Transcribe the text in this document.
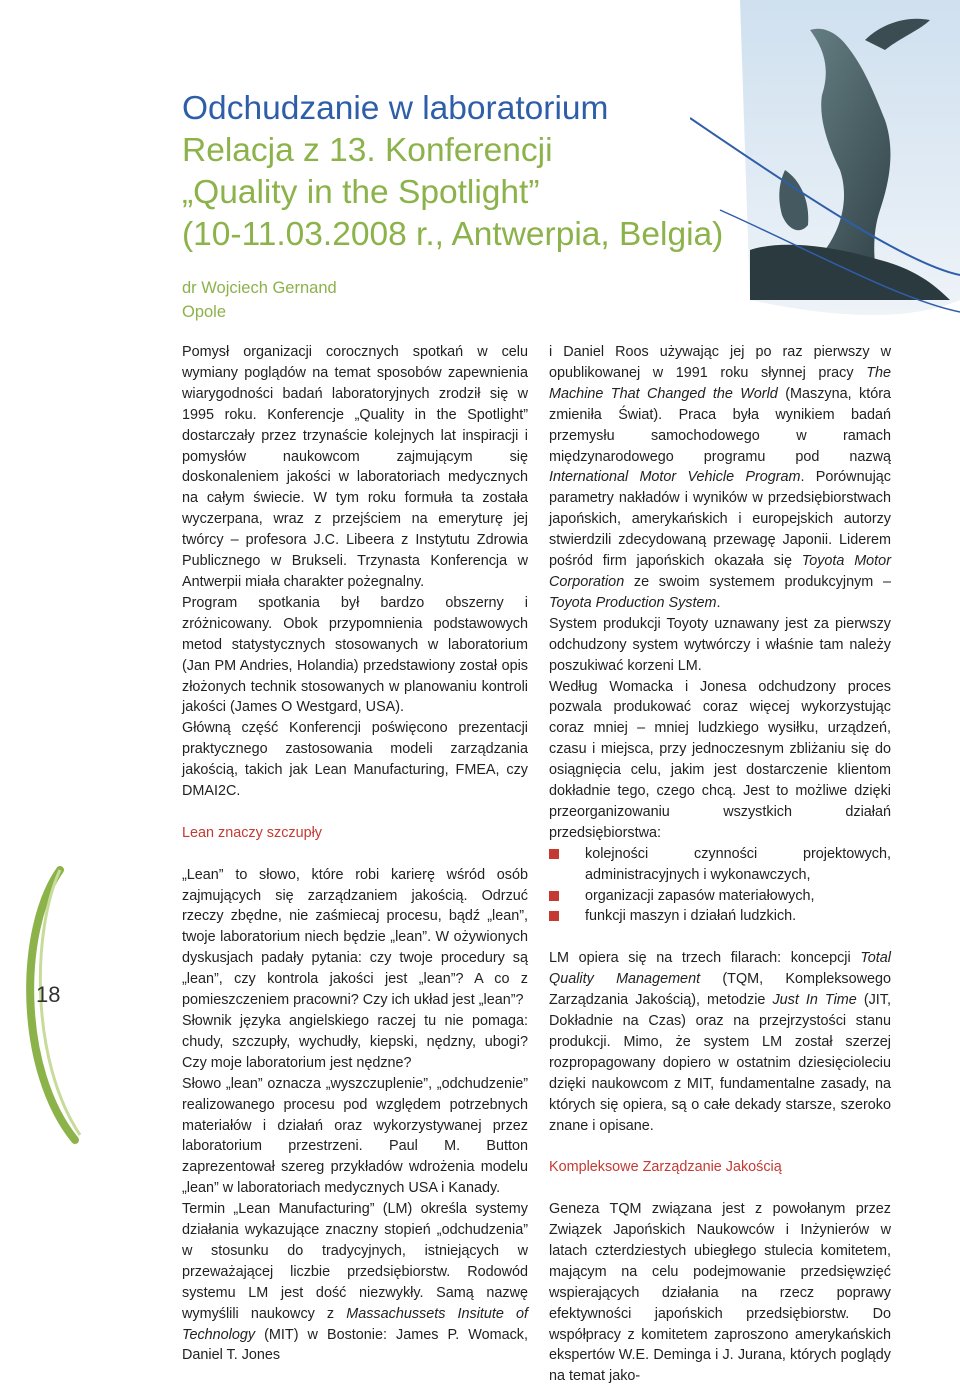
Odchudzanie w laboratorium
Relacja z 13. Konferencji
„Quality in the Spotlight”
(10-11.03.2008 r., Antwerpia, Belgia)
dr Wojciech Gernand
Opole

Pomysł organizacji corocznych spotkań w celu wymiany poglądów na temat sposobów zapewnienia wiarygodności badań laboratoryjnych zrodził się w 1995 roku. Konferencje „Quality in the Spotlight” dostarczały przez trzynaście kolejnych lat inspiracji i pomysłów naukowcom zajmującym się doskonaleniem jakości w laboratoriach medycznych na całym świecie. W tym roku formuła ta została wyczerpana, wraz z przejściem na emeryturę jej twórcy – profesora J.C. Libeera z Instytutu Zdrowia Publicznego w Brukseli. Trzynasta Konferencja w Antwerpii miała charakter pożegnalny.

Program spotkania był bardzo obszerny i zróżnicowany. Obok przypomnienia podstawowych metod statystycznych stosowanych w laboratorium (Jan PM Andries, Holandia) przedstawiony został opis złożonych technik stosowanych w planowaniu kontroli jakości (James O Westgard, USA).

Główną część Konferencji poświęcono prezentacji praktycznego zastosowania modeli zarządzania jakością, takich jak Lean Manufacturing, FMEA, czy DMAI2C.

Lean znaczy szczupły

„Lean” to słowo, które robi karierę wśród osób zajmujących się zarządzaniem jakością. Odrzuć rzeczy zbędne, nie zaśmiecaj procesu, bądź „lean”, twoje laboratorium niech będzie „lean”. W ożywionych dyskusjach padały pytania: czy twoje procedury są „lean”, czy kontrola jakości jest „lean”? A co z pomieszczeniem pracowni? Czy ich układ jest „lean”?

Słownik języka angielskiego raczej tu nie pomaga: chudy, szczupły, wychudły, kiepski, nędzny, ubogi? Czy moje laboratorium jest nędzne?

Słowo „lean” oznacza „wyszczuplenie”, „odchudzenie” realizowanego procesu pod względem potrzebnych materiałów i działań oraz wykorzystywanej przez laboratorium przestrzeni. Paul M. Button zaprezentował szereg przykładów wdrożenia modelu „lean” w laboratoriach medycznych USA i Kanady.

Termin „Lean Manufacturing” (LM) określa systemy działania wykazujące znaczny stopień „odchudzenia” w stosunku do tradycyjnych, istniejących w przeważającej liczbie przedsiębiorstw. Rodowód systemu LM jest dość niezwykły. Samą nazwę wymyślili naukowcy z Massachussets Insitute of Technology (MIT) w Bostonie: James P. Womack, Daniel T. Jones

i Daniel Roos używając jej po raz pierwszy w opublikowanej w 1991 roku słynnej pracy The Machine That Changed the World (Maszyna, która zmieniła Świat). Praca była wynikiem badań przemysłu samochodowego w ramach międzynarodowego programu pod nazwą International Motor Vehicle Program. Porównując parametry nakładów i wyników w przedsiębiorstwach japońskich, amerykańskich i europejskich autorzy stwierdzili zdecydowaną przewagę Japonii. Liderem pośród firm japońskich okazała się Toyota Motor Corporation ze swoim systemem produkcyjnym – Toyota Production System.

System produkcji Toyoty uznawany jest za pierwszy odchudzony system wytwórczy i właśnie tam należy poszukiwać korzeni LM.

Według Womacka i Jonesa odchudzony proces pozwala produkować coraz więcej wykorzystując coraz mniej – mniej ludzkiego wysiłku, urządzeń, czasu i miejsca, przy jednoczesnym zbliżaniu się do osiągnięcia celu, jakim jest dostarczenie klientom dokładnie tego, czego chcą. Jest to możliwe dzięki przeorganizowaniu wszystkich działań przedsiębiorstwa:

kolejności czynności projektowych, administracyjnych i wykonawczych,
organizacji zapasów materiałowych,
funkcji maszyn i działań ludzkich.

LM opiera się na trzech filarach: koncepcji Total Quality Management (TQM, Kompleksowego Zarządzania Jakością), metodzie Just In Time (JIT, Dokładnie na Czas) oraz na przejrzystości stanu produkcji. Mimo, że system LM został szerzej rozpropagowany dopiero w ostatnim dziesięcioleciu dzięki naukowcom z MIT, fundamentalne zasady, na których się opiera, są o całe dekady starsze, szeroko znane i opisane.

Kompleksowe Zarządzanie Jakością

Geneza TQM związana jest z powołanym przez Związek Japońskich Naukowców i Inżynierów w latach czterdziestych ubiegłego stulecia komitetem, mającym na celu podejmowanie przedsięwzięć wspierających działania na rzecz poprawy efektywności japońskich przedsiębiorstw. Do współpracy z komitetem zaproszono amerykańskich ekspertów W.E. Deminga i J. Jurana, których poglądy na temat jako-

18
